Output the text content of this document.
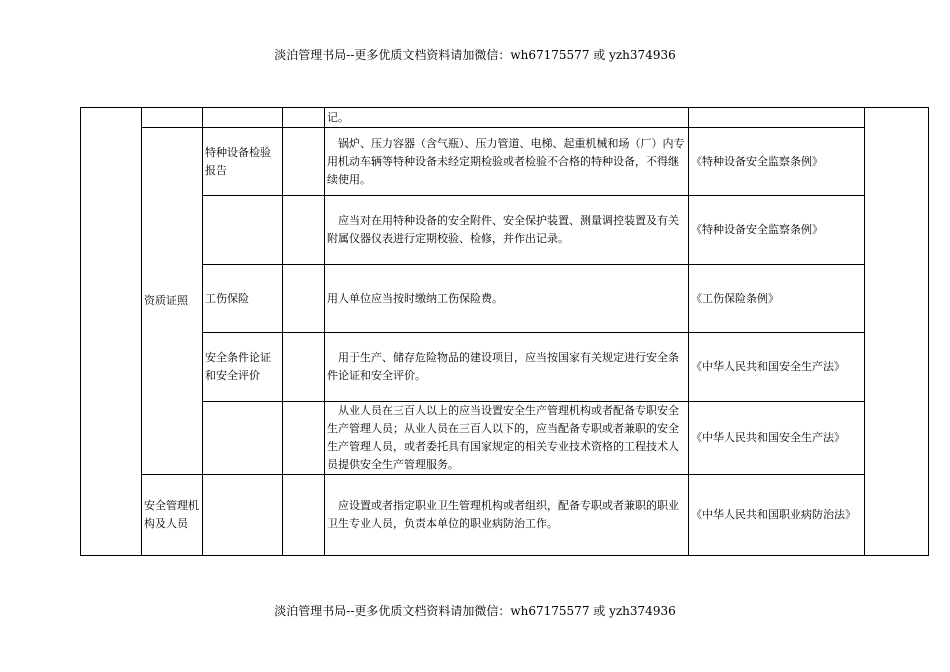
淡泊管理书局--更多优质文档资料请加微信：wh67175577 或 yzh374936
				记。		
	资质证照	特种设备检验报告		锅炉、压力容器（含气瓶）、压力管道、电梯、起重机械和场（厂）内专用机动车辆等特种设备未经定期检验或者检验不合格的特种设备，不得继续使用。	《特种设备安全监察条例》	
				应当对在用特种设备的安全附件、安全保护装置、测量调控装置及有关附属仪器仪表进行定期校验、检修，并作出记录。	《特种设备安全监察条例》	
		工伤保险		用人单位应当按时缴纳工伤保险费。	《工伤保险条例》	
		安全条件论证和安全评价		用于生产、储存危险物品的建设项目，应当按国家有关规定进行安全条件论证和安全评价。	《中华人民共和国安全生产法》	
				从业人员在三百人以上的应当设置安全生产管理机构或者配备专职安全生产管理人员；从业人员在三百人以下的，应当配备专职或者兼职的安全生产管理人员，或者委托具有国家规定的相关专业技术资格的工程技术人员提供安全生产管理服务。	《中华人民共和国安全生产法》	
	安全管理机构及人员			应设置或者指定职业卫生管理机构或者组织，配备专职或者兼职的职业卫生专业人员，负责本单位的职业病防治工作。	《中华人民共和国职业病防治法》	
淡泊管理书局--更多优质文档资料请加微信：wh67175577 或 yzh374936
